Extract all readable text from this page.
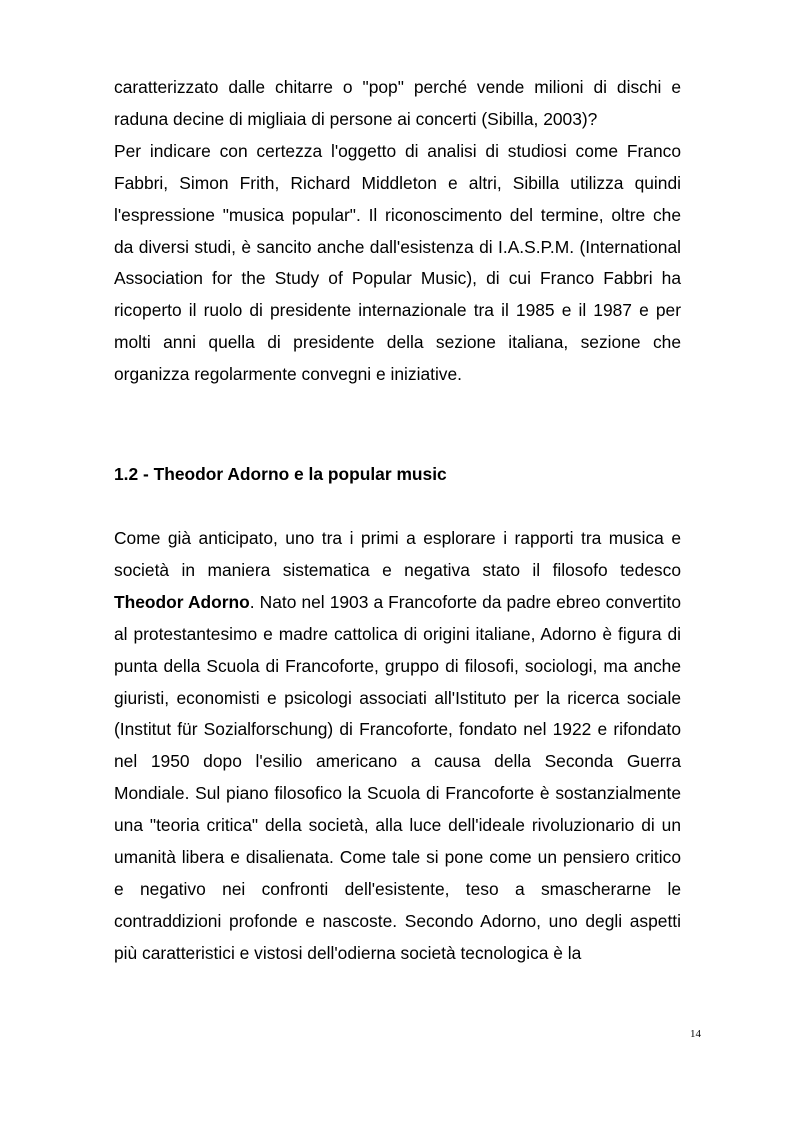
caratterizzato dalle chitarre o "pop" perché vende milioni di dischi e raduna decine di migliaia di persone ai concerti (Sibilla, 2003)?

Per indicare con certezza l'oggetto di analisi di studiosi come Franco Fabbri, Simon Frith, Richard Middleton e altri, Sibilla utilizza quindi l'espressione "musica popular". Il riconoscimento del termine, oltre che da diversi studi, è sancito anche dall'esistenza di I.A.S.P.M. (International Association for the Study of Popular Music), di cui Franco Fabbri ha ricoperto il ruolo di presidente internazionale tra il 1985 e il 1987 e per molti anni quella di presidente della sezione italiana, sezione che organizza regolarmente convegni e iniziative.

1.2 - Theodor Adorno e la popular music

Come già anticipato, uno tra i primi a esplorare i rapporti tra musica e società in maniera sistematica e negativa stato il filosofo tedesco Theodor Adorno. Nato nel 1903 a Francoforte da padre ebreo convertito al protestantesimo e madre cattolica di origini italiane, Adorno è figura di punta della Scuola di Francoforte, gruppo di filosofi, sociologi, ma anche giuristi, economisti e psicologi associati all'Istituto per la ricerca sociale (Institut für Sozialforschung) di Francoforte, fondato nel 1922 e rifondato nel 1950 dopo l'esilio americano a causa della Seconda Guerra Mondiale. Sul piano filosofico la Scuola di Francoforte è sostanzialmente una "teoria critica" della società, alla luce dell'ideale rivoluzionario di un umanità libera e disalienata. Come tale si pone come un pensiero critico e negativo nei confronti dell'esistente, teso a smascherarne le contraddizioni profonde e nascoste. Secondo Adorno, uno degli aspetti più caratteristici e vistosi dell'odierna società tecnologica è la

14
